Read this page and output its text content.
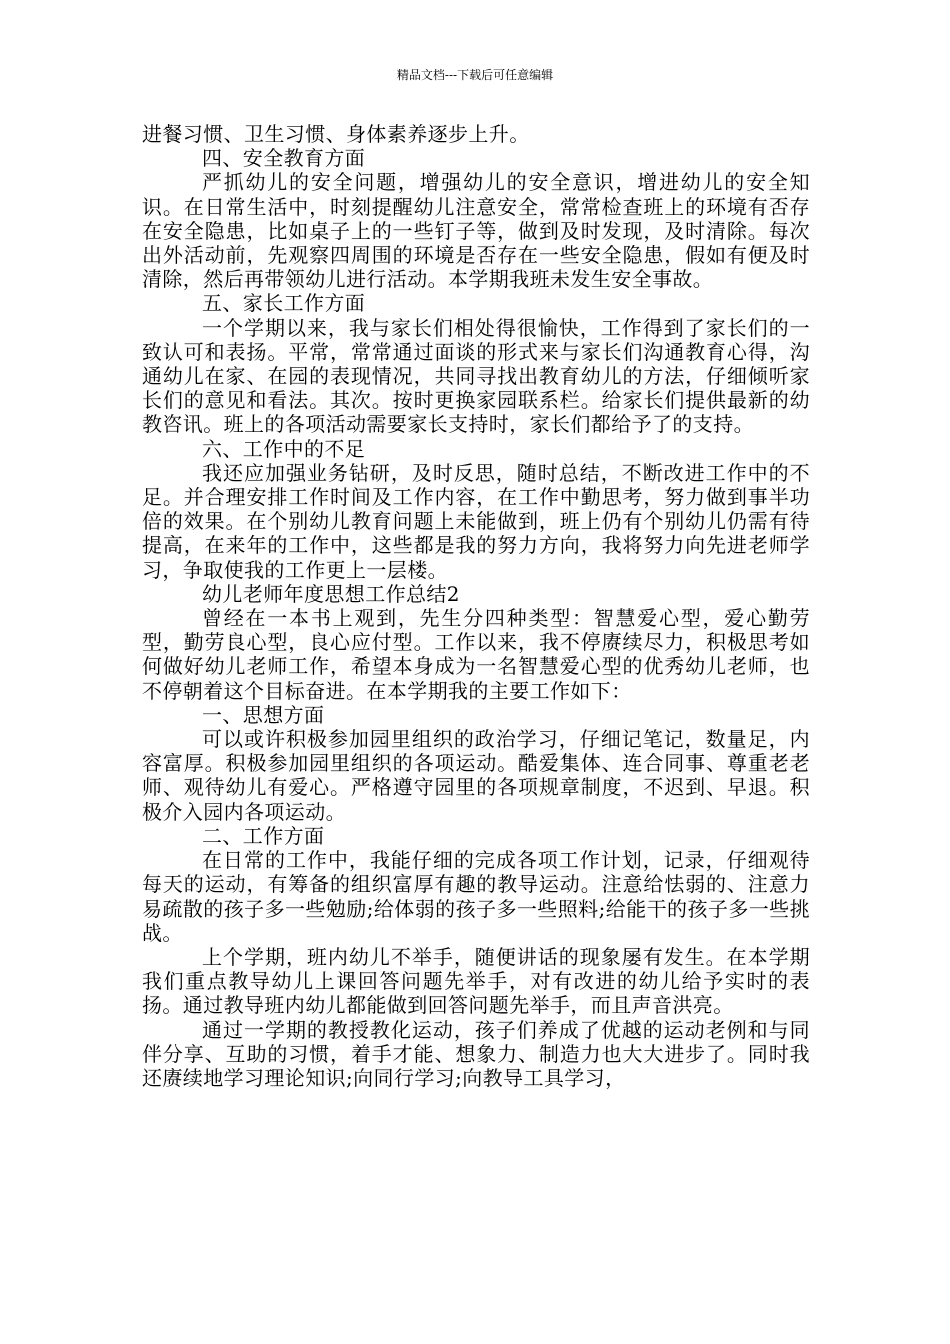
精品文档---下载后可任意编辑

进餐习惯、卫生习惯、身体素养逐步上升。

四、安全教育方面

严抓幼儿的安全问题，增强幼儿的安全意识，增进幼儿的安全知识。在日常生活中，时刻提醒幼儿注意安全，常常检查班上的环境有否存在安全隐患，比如桌子上的一些钉子等，做到及时发现，及时清除。每次出外活动前，先观察四周围的环境是否存在一些安全隐患，假如有便及时清除，然后再带领幼儿进行活动。本学期我班未发生安全事故。

五、家长工作方面

一个学期以来，我与家长们相处得很愉快，工作得到了家长们的一致认可和表扬。平常，常常通过面谈的形式来与家长们沟通教育心得，沟通幼儿在家、在园的表现情况，共同寻找出教育幼儿的方法，仔细倾听家长们的意见和看法。其次。按时更换家园联系栏。给家长们提供最新的幼教咨讯。班上的各项活动需要家长支持时，家长们都给予了的支持。

六、工作中的不足

我还应加强业务钻研，及时反思，随时总结，不断改进工作中的不足。并合理安排工作时间及工作内容，在工作中勤思考，努力做到事半功倍的效果。在个别幼儿教育问题上未能做到，班上仍有个别幼儿仍需有待提高，在来年的工作中，这些都是我的努力方向，我将努力向先进老师学习，争取使我的工作更上一层楼。

幼儿老师年度思想工作总结2

曾经在一本书上观到，先生分四种类型：智慧爱心型，爱心勤劳型，勤劳良心型，良心应付型。工作以来，我不停赓续尽力，积极思考如何做好幼儿老师工作，希望本身成为一名智慧爱心型的优秀幼儿老师，也不停朝着这个目标奋进。在本学期我的主要工作如下：

一、思想方面

可以或许积极参加园里组织的政治学习，仔细记笔记，数量足，内容富厚。积极参加园里组织的各项运动。酷爱集体、连合同事、尊重老老师、观待幼儿有爱心。严格遵守园里的各项规章制度，不迟到、早退。积极介入园内各项运动。

二、工作方面

在日常的工作中，我能仔细的完成各项工作计划，记录，仔细观待每天的运动，有筹备的组织富厚有趣的教导运动。注意给怯弱的、注意力易疏散的孩子多一些勉励;给体弱的孩子多一些照料;给能干的孩子多一些挑战。

上个学期，班内幼儿不举手，随便讲话的现象屡有发生。在本学期我们重点教导幼儿上课回答问题先举手，对有改进的幼儿给予实时的表扬。通过教导班内幼儿都能做到回答问题先举手，而且声音洪亮。

通过一学期的教授教化运动，孩子们养成了优越的运动老例和与同伴分享、互助的习惯，着手才能、想象力、制造力也大大进步了。同时我还赓续地学习理论知识;向同行学习;向教导工具学习，
